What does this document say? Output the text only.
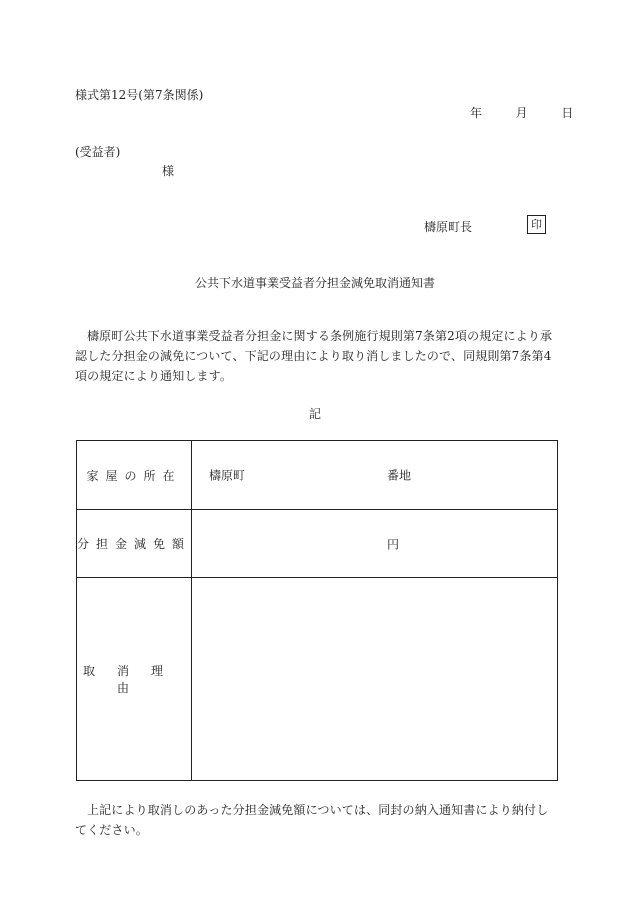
様式第12号(第7条関係)
年	月	日
(受益者)
様
檮原町長	印
公共下水道事業受益者分担金減免取消通知書
檮原町公共下水道事業受益者分担金に関する条例施行規則第7条第2項の規定により承認した分担金の減免について、下記の理由により取り消しましたので、同規則第7条第4項の規定により通知します。
記
家屋の所在	檮原町 番地

分担金減免額	円

取消理由	
上記により取消しのあった分担金減免額については、同封の納入通知書により納付してください。
